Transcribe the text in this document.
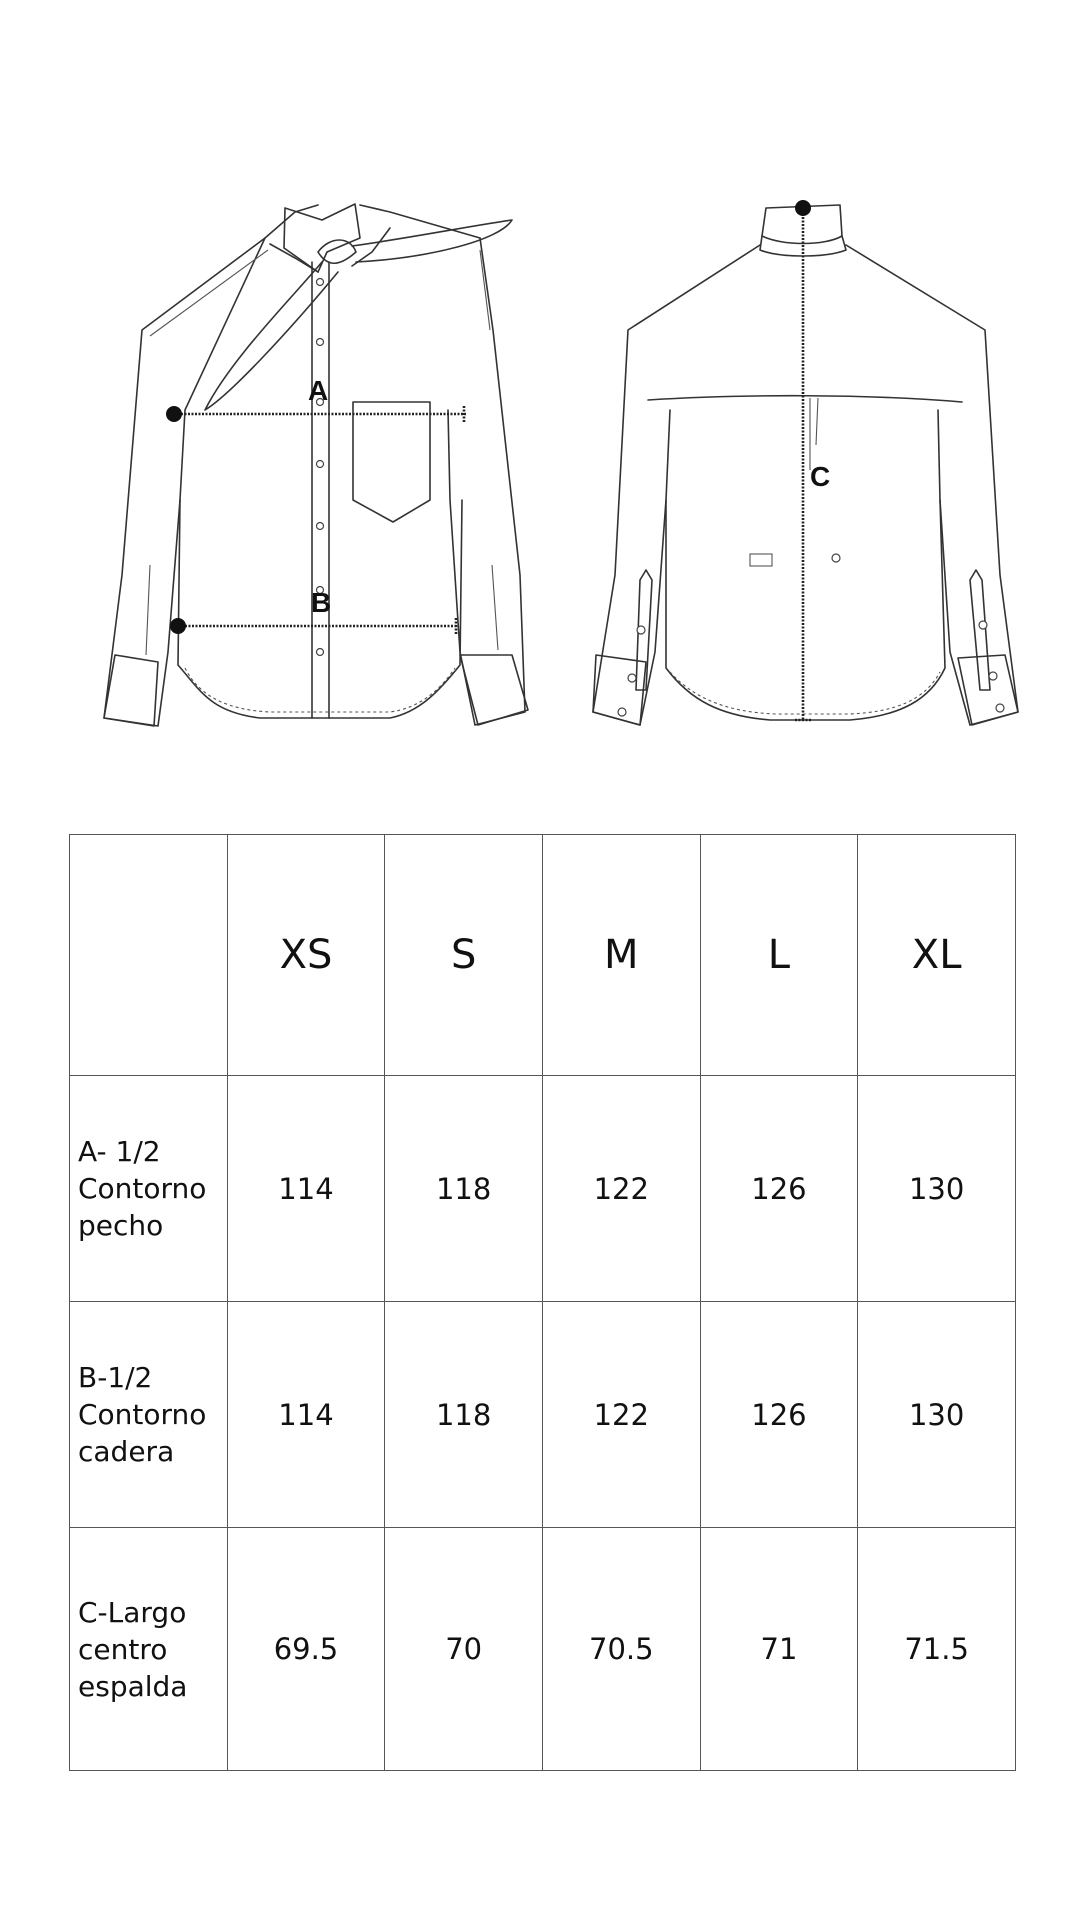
A
B
C
	XS	S	M	L	XL

A- 1/2
Contorno
pecho	114	118	122	126	130

B-1/2
Contorno
cadera	114	118	122	126	130

C-Largo
centro
espalda	69.5	70	70.5	71	71.5
